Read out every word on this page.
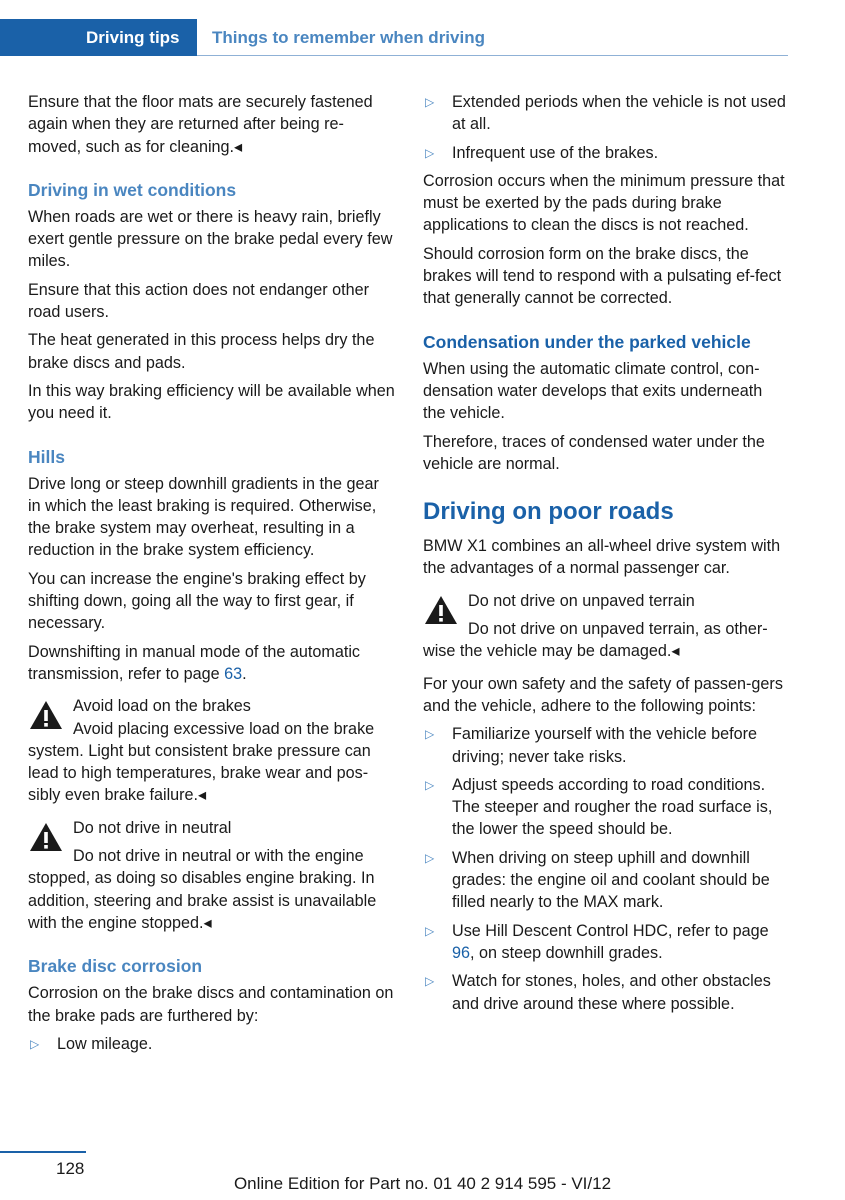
Driving tips	Things to remember when driving

Ensure that the floor mats are securely fastened again when they are returned after being re-moved, such as for cleaning.◂

Driving in wet conditions

When roads are wet or there is heavy rain, briefly exert gentle pressure on the brake pedal every few miles.

Ensure that this action does not endanger other road users.

The heat generated in this process helps dry the brake discs and pads.

In this way braking efficiency will be available when you need it.

Hills

Drive long or steep downhill gradients in the gear in which the least braking is required. Otherwise, the brake system may overheat, resulting in a reduction in the brake system efficiency.

You can increase the engine's braking effect by shifting down, going all the way to first gear, if necessary.

Downshifting in manual mode of the automatic transmission, refer to page 63.

Avoid load on the brakes

Avoid placing excessive load on the brake system. Light but consistent brake pressure can lead to high temperatures, brake wear and pos-sibly even brake failure.◂

Do not drive in neutral

Do not drive in neutral or with the engine stopped, as doing so disables engine braking. In addition, steering and brake assist is unavailable with the engine stopped.◂

Brake disc corrosion

Corrosion on the brake discs and contamination on the brake pads are furthered by:

▷ Low mileage.
▷ Extended periods when the vehicle is not used at all.
▷ Infrequent use of the brakes.

Corrosion occurs when the minimum pressure that must be exerted by the pads during brake applications to clean the discs is not reached.

Should corrosion form on the brake discs, the brakes will tend to respond with a pulsating ef-fect that generally cannot be corrected.

Condensation under the parked vehicle

When using the automatic climate control, con-densation water develops that exits underneath the vehicle.

Therefore, traces of condensed water under the vehicle are normal.

Driving on poor roads

BMW X1 combines an all-wheel drive system with the advantages of a normal passenger car.

Do not drive on unpaved terrain

Do not drive on unpaved terrain, as other-wise the vehicle may be damaged.◂

For your own safety and the safety of passen-gers and the vehicle, adhere to the following points:

▷ Familiarize yourself with the vehicle before driving; never take risks.
▷ Adjust speeds according to road conditions. The steeper and rougher the road surface is, the lower the speed should be.
▷ When driving on steep uphill and downhill grades: the engine oil and coolant should be filled nearly to the MAX mark.
▷ Use Hill Descent Control HDC, refer to page 96, on steep downhill grades.
▷ Watch for stones, holes, and other obstacles and drive around these where possible.
128
Online Edition for Part no. 01 40 2 914 595 - VI/12
